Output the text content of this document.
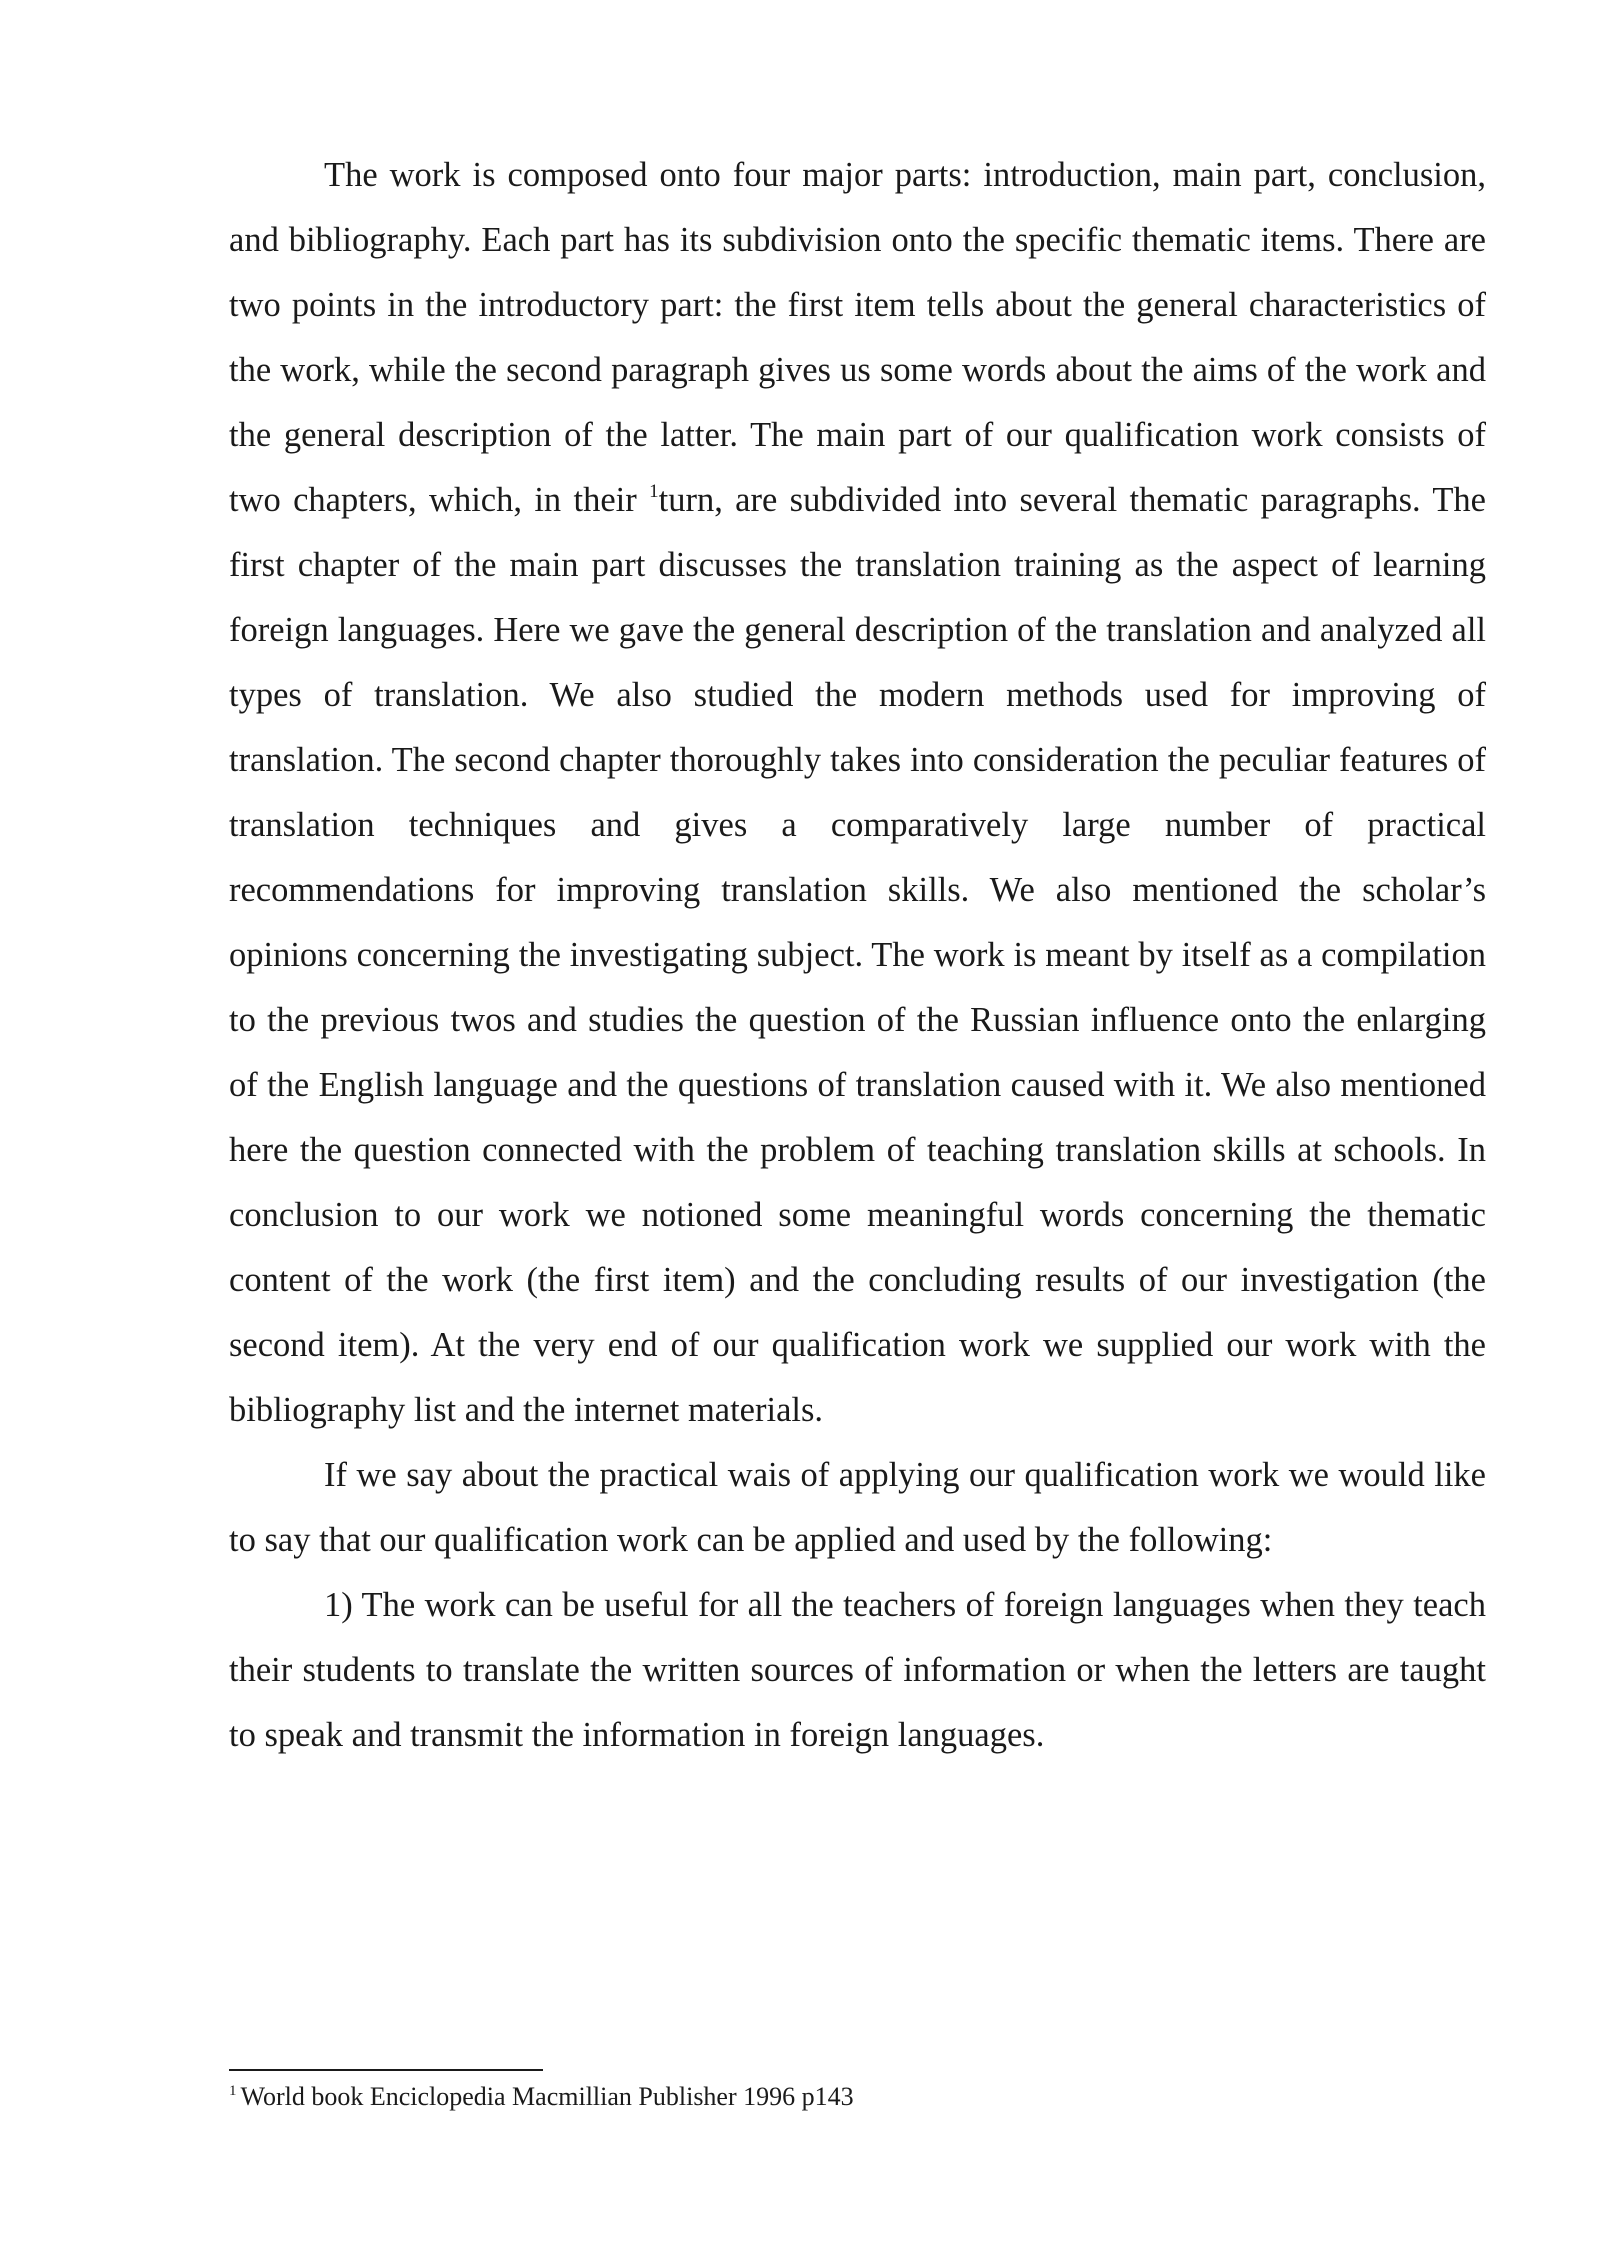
The work is composed onto four major parts: introduction, main part, conclusion, and bibliography. Each part has its subdivision onto the specific thematic items. There are two points in the introductory part: the first item tells about the general characteristics of the work, while the second paragraph gives us some words about the aims of the work and the general description of the latter. The main part of our qualification work consists of two chapters, which, in their $^1$turn, are subdivided into several thematic paragraphs. The first chapter of the main part discusses the translation training as the aspect of learning foreign languages. Here we gave the general description of the translation and analyzed all types of translation. We also studied the modern methods used for improving of translation. The second chapter thoroughly takes into consideration the peculiar features of translation techniques and gives a comparatively large number of practical recommendations for improving translation skills. We also mentioned the scholar’s opinions concerning the investigating subject. The work is meant by itself as a compilation to the previous twos and studies the question of the Russian influence onto the enlarging of the English language and the questions of translation caused with it. We also mentioned here the question connected with the problem of teaching translation skills at schools. In conclusion to our work we notioned some meaningful words concerning the thematic content of the work (the first item) and the concluding results of our investigation (the second item). At the very end of our qualification work we supplied our work with the bibliography list and the internet materials.

If we say about the practical wais of applying our qualification work we would like to say that our qualification work can be applied and used by the following:

1) The work can be useful for all the teachers of foreign languages when they teach their students to translate the written sources of information or when the letters are taught to speak and transmit the information in foreign languages.

$^1$ World book Enciclopedia Macmillian Publisher 1996 p143
